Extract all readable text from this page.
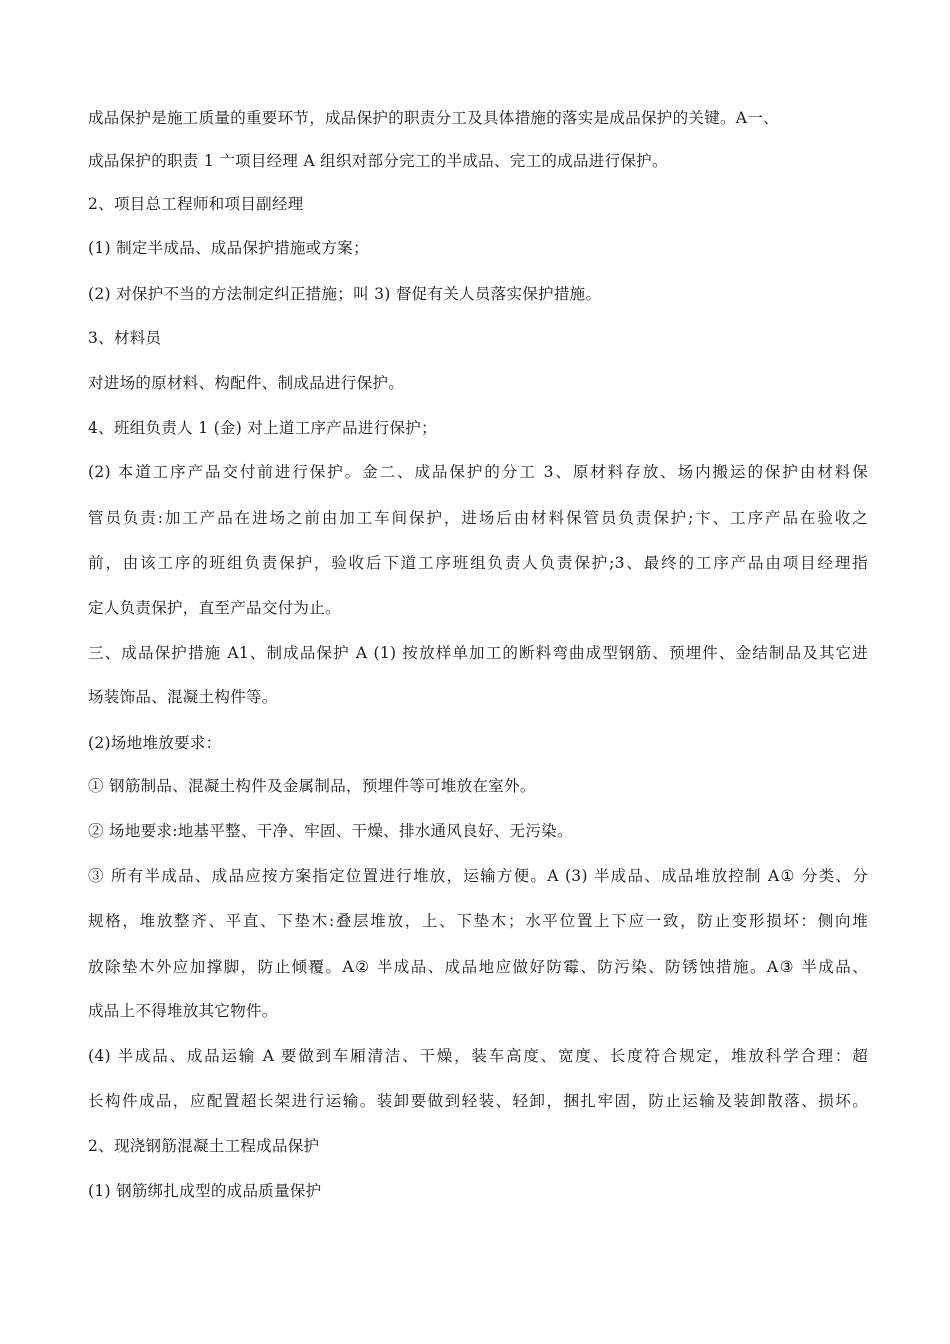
成品保护是施工质量的重要环节，成品保护的职责分工及具体措施的落实是成品保护的关键。A一、
成品保护的职责 1 亠项目经理 A 组织对部分完工的半成品、完工的成品进行保护。
2、项目总工程师和项目副经理
(1) 制定半成品、成品保护措施或方案；
(2) 对保护不当的方法制定纠正措施；叫 3) 督促有关人员落实保护措施。
3、材料员
对进场的原材料、构配件、制成品进行保护。
4、班组负责人 1 (金) 对上道工序产品进行保护；
(2) 本道工序产品交付前进行保护。金二、成品保护的分工 3、原材料存放、场内搬运的保护由材料保
管员负责:加工产品在进场之前由加工车间保护，进场后由材料保管员负责保护;卞、工序产品在验收之
前，由该工序的班组负责保护，验收后下道工序班组负责人负责保护;3、最终的工序产品由项目经理指
定人负责保护，直至产品交付为止。
三、成品保护措施 A1、制成品保护 A (1) 按放样单加工的断料弯曲成型钢筋、预埋件、金结制品及其它进
场装饰品、混凝土构件等。
(2)场地堆放要求：
① 钢筋制品、混凝土构件及金属制品，预埋件等可堆放在室外。
② 场地要求:地基平整、干净、牢固、干燥、排水通风良好、无污染。
③ 所有半成品、成品应按方案指定位置进行堆放，运输方便。A (3) 半成品、成品堆放控制 A① 分类、分
规格，堆放整齐、平直、下垫木:叠层堆放，上、下垫木；水平位置上下应一致，防止变形损坏：侧向堆
放除垫木外应加撑脚，防止倾覆。A② 半成品、成品地应做好防霉、防污染、防锈蚀措施。A③ 半成品、
成品上不得堆放其它物件。
(4) 半成品、成品运输 A 要做到车厢清洁、干燥，装车高度、宽度、长度符合规定，堆放科学合理：超
长构件成品，应配置超长架进行运输。装卸要做到轻装、轻卸，捆扎牢固，防止运输及装卸散落、损坏。
2、现浇钢筋混凝土工程成品保护
(1) 钢筋绑扎成型的成品质量保护
